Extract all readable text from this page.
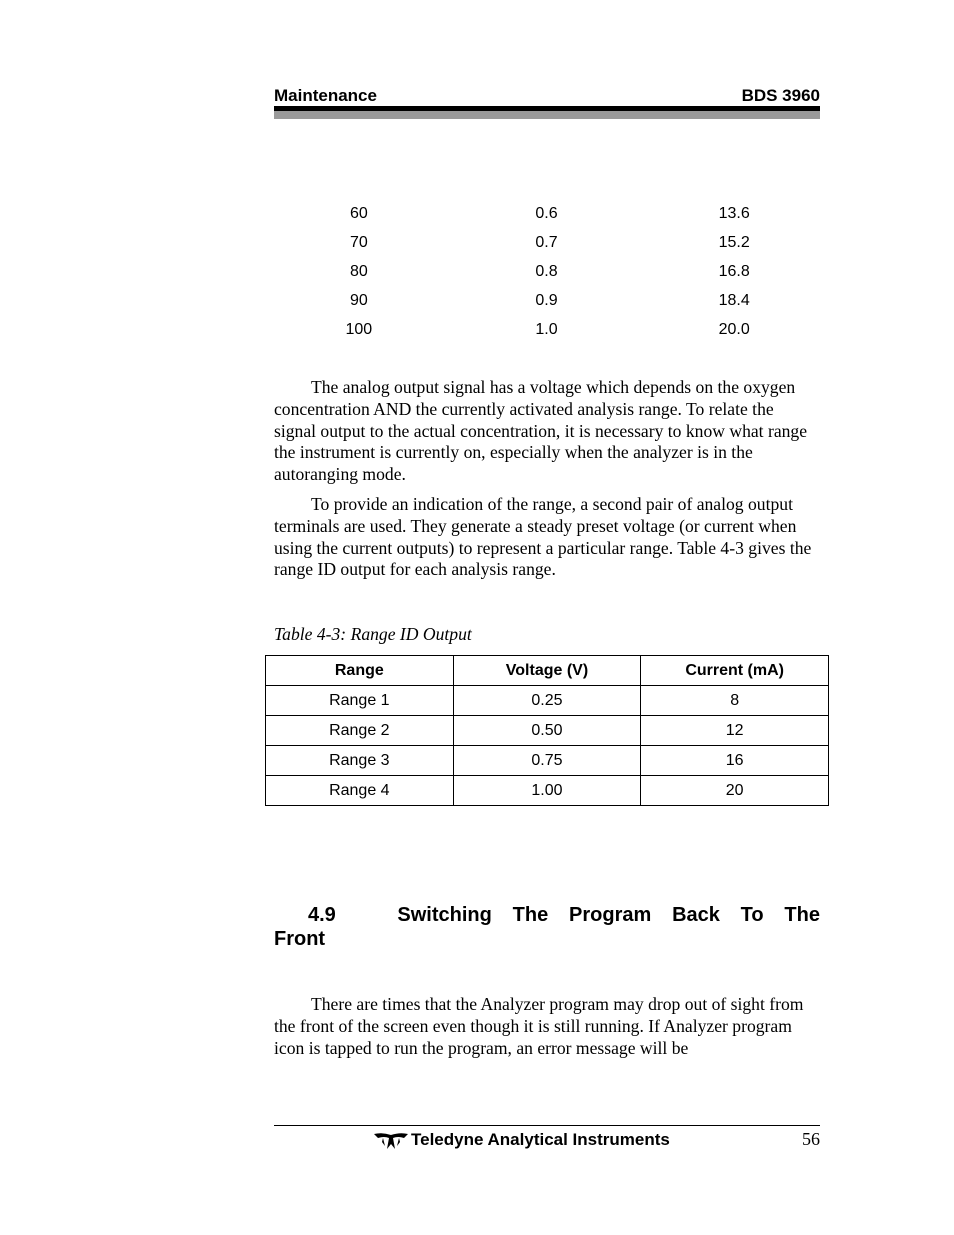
Maintenance	BDS 3960
60	0.6	13.6
70	0.7	15.2
80	0.8	16.8
90	0.9	18.4
100	1.0	20.0
The analog output signal has a voltage which depends on the oxygen concentration AND the currently activated analysis range. To relate the signal output to the actual concentration, it is necessary to know what range the instrument is currently on, especially when the analyzer is in the autoranging mode.
To provide an indication of the range, a second pair of analog output terminals are used. They generate a steady preset voltage (or current when using the current outputs) to represent a particular range. Table 4-3 gives the range ID output for each analysis range.
Table 4-3: Range ID Output
Range	Voltage (V)	Current (mA)
Range 1	0.25	8
Range 2	0.50	12
Range 3	0.75	16
Range 4	1.00	20
4.9	Switching The Program Back To The
Front
There are times that the Analyzer program may drop out of sight from the front of the screen even though it is still running. If Analyzer program icon is tapped to run the program, an error message will be
Teledyne Analytical Instruments	56
